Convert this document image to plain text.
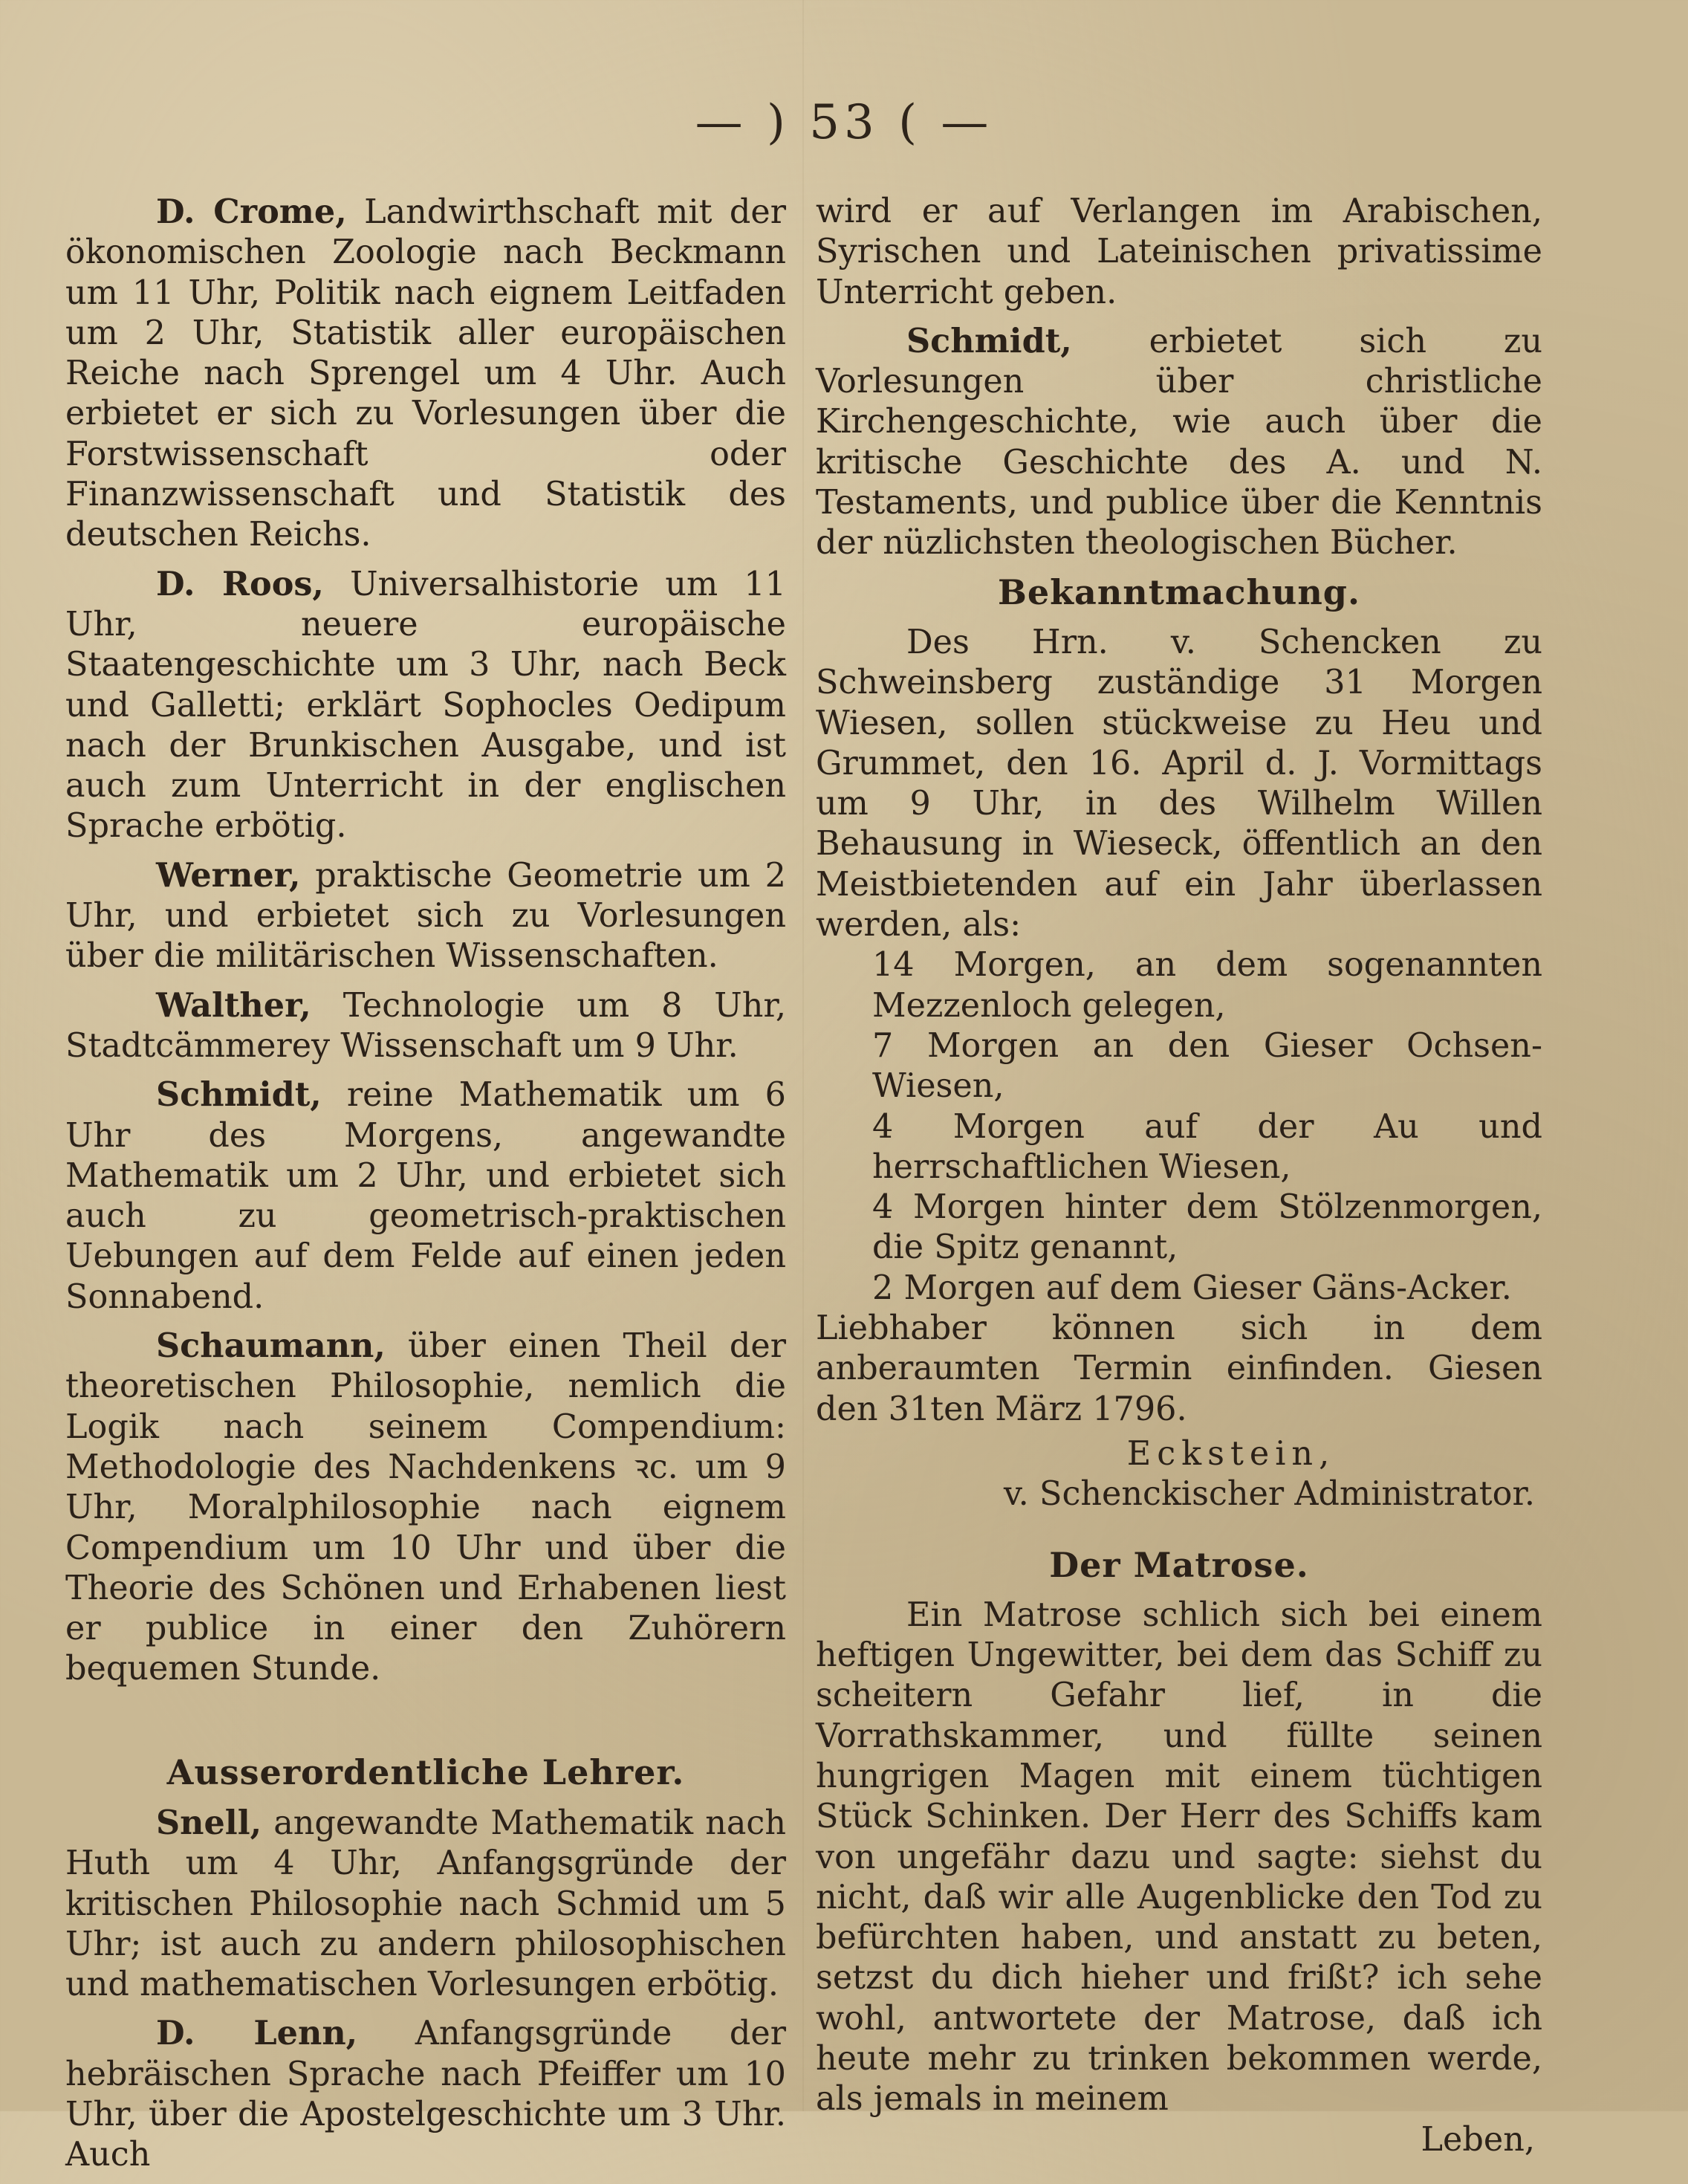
— ) 53 ( —

D. Crome, Landwirthschaft mit der ökonomischen Zoologie nach Beckmann um 11 Uhr, Politik nach eignem Leitfaden um 2 Uhr, Statistik aller europäischen Reiche nach Sprengel um 4 Uhr. Auch erbietet er sich zu Vorlesungen über die Forstwissenschaft oder Finanzwissenschaft und Statistik des deutschen Reichs.

D. Roos, Universalhistorie um 11 Uhr, neuere europäische Staatengeschichte um 3 Uhr, nach Beck und Galletti; erklärt Sophocles Oedipum nach der Brunkischen Ausgabe, und ist auch zum Unterricht in der englischen Sprache erbötig.

Werner, praktische Geometrie um 2 Uhr, und erbietet sich zu Vorlesungen über die militärischen Wissenschaften.

Walther, Technologie um 8 Uhr, Stadtcämmerey Wissenschaft um 9 Uhr.

Schmidt, reine Mathematik um 6 Uhr des Morgens, angewandte Mathematik um 2 Uhr, und erbietet sich auch zu geometrisch-praktischen Uebungen auf dem Felde auf einen jeden Sonnabend.

Schaumann, über einen Theil der theoretischen Philosophie, nemlich die Logik nach seinem Compendium: Methodologie des Nachdenkens ꝛc. um 9 Uhr, Moralphilosophie nach eignem Compendium um 10 Uhr und über die Theorie des Schönen und Erhabenen liest er publice in einer den Zuhörern bequemen Stunde.

Ausserordentliche Lehrer.

Snell, angewandte Mathematik nach Huth um 4 Uhr, Anfangsgründe der kritischen Philosophie nach Schmid um 5 Uhr; ist auch zu andern philosophischen und mathematischen Vorlesungen erbötig.

D. Lenn, Anfangsgründe der hebräischen Sprache nach Pfeiffer um 10 Uhr, über die Apostelgeschichte um 3 Uhr. Auch

wird er auf Verlangen im Arabischen, Syrischen und Lateinischen privatissime Unterricht geben.

Schmidt, erbietet sich zu Vorlesungen über christliche Kirchengeschichte, wie auch über die kritische Geschichte des A. und N. Testaments, und publice über die Kenntnis der nüzlichsten theologischen Bücher.

Bekanntmachung.

Des Hrn. v. Schencken zu Schweinsberg zuständige 31 Morgen Wiesen, sollen stückweise zu Heu und Grummet, den 16. April d. J. Vormittags um 9 Uhr, in des Wilhelm Willen Behausung in Wieseck, öffentlich an den Meistbietenden auf ein Jahr überlassen werden, als:

14 Morgen, an dem sogenannten Mezzenloch gelegen,

7 Morgen an den Gieser Ochsen-Wiesen,

4 Morgen auf der Au und herrschaftlichen Wiesen,

4 Morgen hinter dem Stölzenmorgen, die Spitz genannt,

2 Morgen auf dem Gieser Gäns-Acker.

Liebhaber können sich in dem anberaumten Termin einfinden. Giesen den 31ten März 1796.

Eckstein,

v. Schenckischer Administrator.

Der Matrose.

Ein Matrose schlich sich bei einem heftigen Ungewitter, bei dem das Schiff zu scheitern Gefahr lief, in die Vorrathskammer, und füllte seinen hungrigen Magen mit einem tüchtigen Stück Schinken. Der Herr des Schiffs kam von ungefähr dazu und sagte: siehst du nicht, daß wir alle Augenblicke den Tod zu befürchten haben, und anstatt zu beten, setzst du dich hieher und frißt? ich sehe wohl, antwortete der Matrose, daß ich heute mehr zu trinken bekommen werde, als jemals in meinem

Leben,
